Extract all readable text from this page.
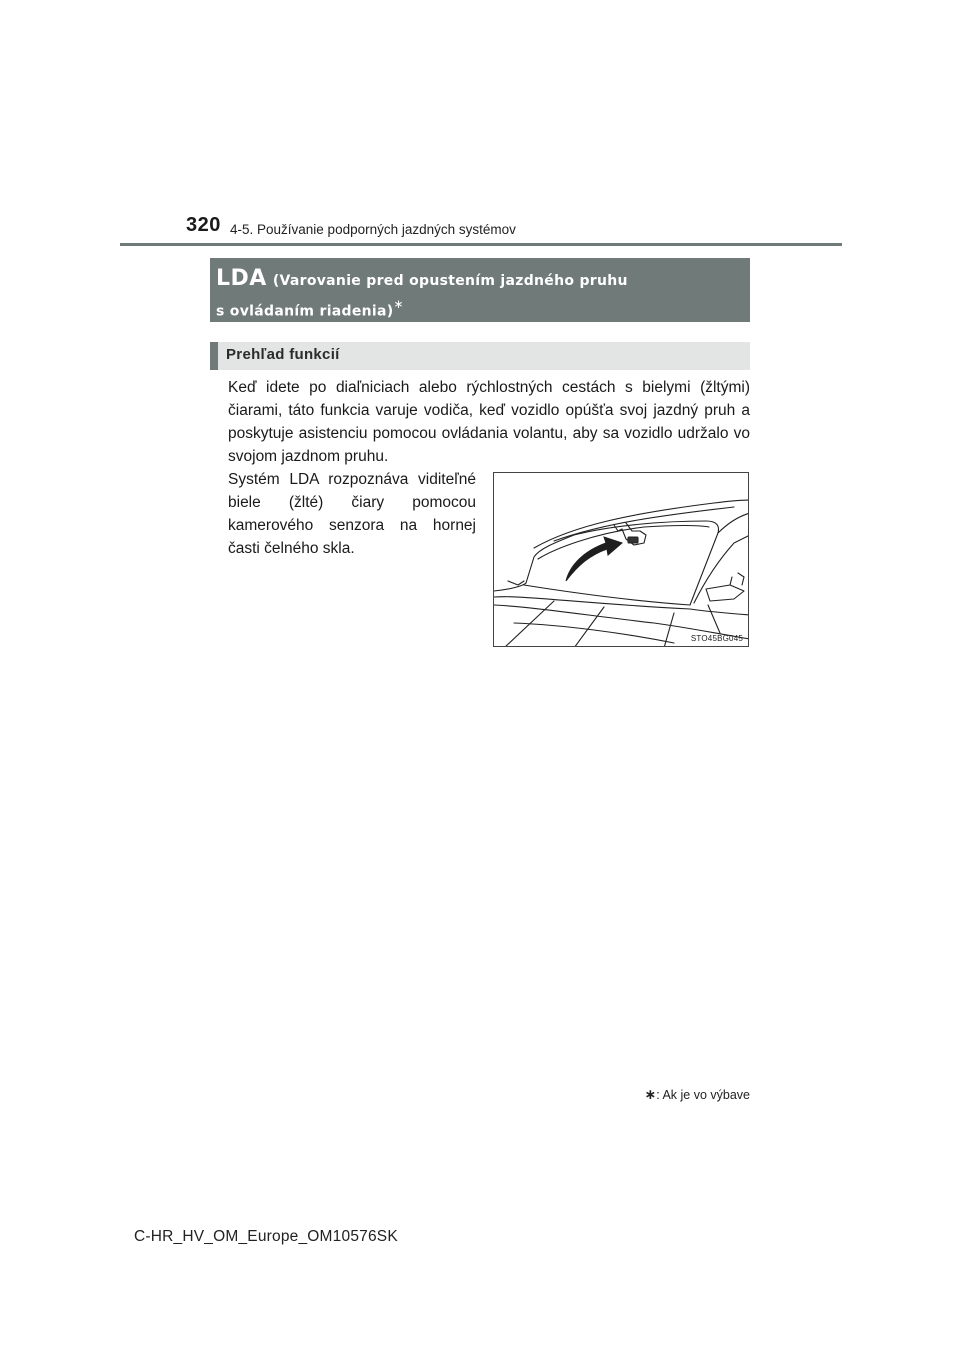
320 4-5. Používanie podporných jazdných systémov
LDA (Varovanie pred opustením jazdného pruhu
s ovládaním riadenia)∗
Prehľad funkcií

Keď idete po diaľniciach alebo rýchlostných cestách s bielymi (žltými) čiarami, táto funkcia varuje vodiča, keď vozidlo opúšťa svoj jazdný pruh a poskytuje asistenciu pomocou ovládania volantu, aby sa vozidlo udržalo vo svojom jazdnom pruhu.

Systém LDA rozpoznáva viditeľné biele (žlté) čiary pomocou kamerového senzora na hornej časti čelného skla.

STO45BG045
∗: Ak je vo výbave
C-HR_HV_OM_Europe_OM10576SK
